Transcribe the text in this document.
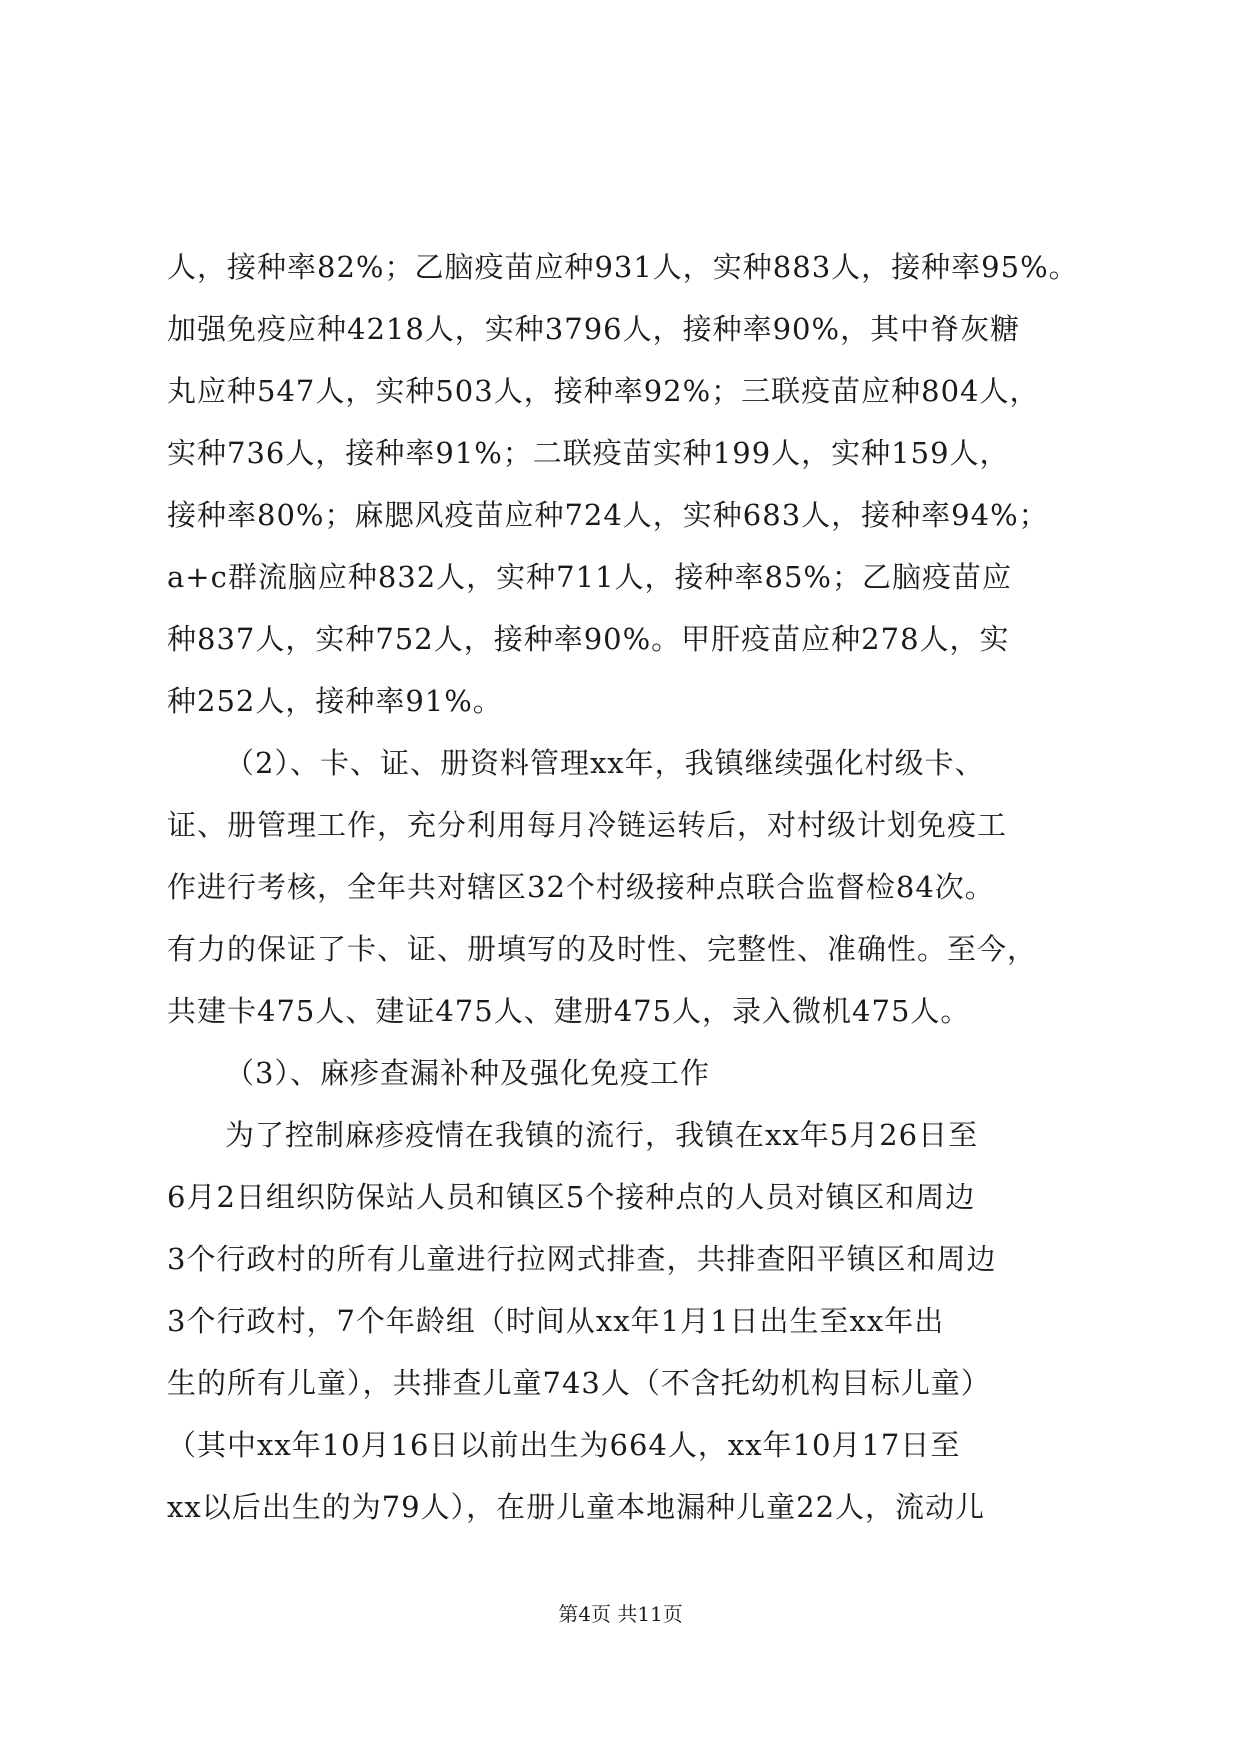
人，接种率82%；乙脑疫苗应种931人，实种883人，接种率95%。
加强免疫应种4218人，实种3796人，接种率90%，其中脊灰糖
丸应种547人，实种503人，接种率92%；三联疫苗应种804人，
实种736人，接种率91%；二联疫苗实种199人，实种159人，
接种率80%；麻腮风疫苗应种724人，实种683人，接种率94%；
a+c群流脑应种832人，实种711人，接种率85%；乙脑疫苗应
种837人，实种752人，接种率90%。甲肝疫苗应种278人，实
种252人，接种率91%。
（2）、卡、证、册资料管理xx年，我镇继续强化村级卡、
证、册管理工作，充分利用每月冷链运转后，对村级计划免疫工
作进行考核，全年共对辖区32个村级接种点联合监督检84次。
有力的保证了卡、证、册填写的及时性、完整性、准确性。至今，
共建卡475人、建证475人、建册475人，录入微机475人。
（3）、麻疹查漏补种及强化免疫工作
为了控制麻疹疫情在我镇的流行，我镇在xx年5月26日至
6月2日组织防保站人员和镇区5个接种点的人员对镇区和周边
3个行政村的所有儿童进行拉网式排查，共排查阳平镇区和周边
3个行政村，7个年龄组（时间从xx年1月1日出生至xx年出
生的所有儿童），共排查儿童743人（不含托幼机构目标儿童）
（其中xx年10月16日以前出生为664人，xx年10月17日至
xx以后出生的为79人），在册儿童本地漏种儿童22人，流动儿
第4页 共11页
